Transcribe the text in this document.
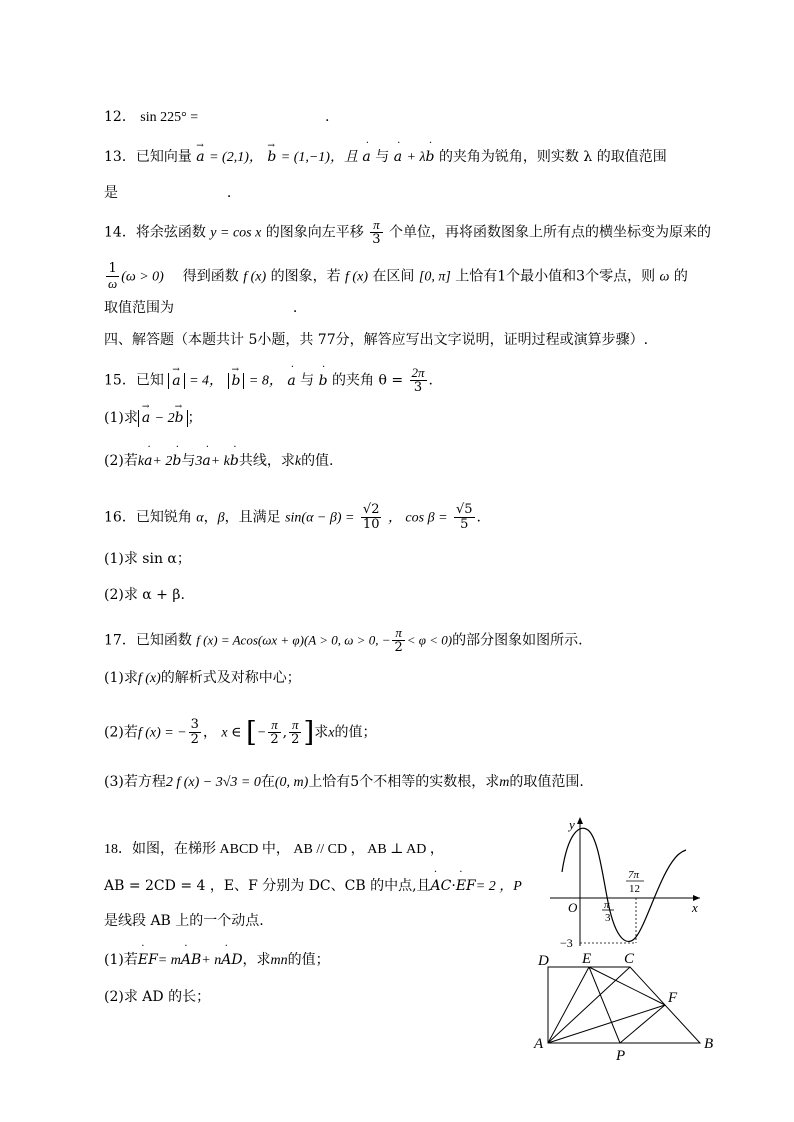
12． sin 225° =	.
13．已知向量 → a = (2,1)， → b = (1,−1)，且 ˙ a 与 ˙ a + λ˙ b 的夹角为锐角，则实数 λ 的取值范围
是	.
14．将余弦函数 y = cos x 的图象向左平移 $\frac{\pi}{3}$ 个单位，再将函数图象上所有点的横坐标变为原来的
$\frac{1}{\omega} (\omega > 0)$ 得到函数 f (x) 的图象，若 f (x) 在区间 [0, π] 上恰有1个最小值和3个零点，则 ω 的
取值范围为	.
四、解答题（本题共计 5小题，共 77分，解答应写出文字说明，证明过程或演算步骤）.
15．已知 → a = 4， → b = 8， ˙ a 与 ˙ b 的夹角 $\theta = \frac{2\pi}{3}$ .
(1)求 → a − 2→ b ；
(2)若k˙ a+ 2˙ b与3˙ a+ k˙ b共线，求k的值.
16．已知锐角 α，β，且满足 $\sin(\alpha - \beta) = \frac{√2}{10}$ ， $\cos \beta = \frac{√5}{5}$ .
(1)求 sin α；
(2)求 α + β.
17．已知函数 f (x) = Acos(ωx + φ)(A > 0, ω > 0, − $\frac{\pi}{2} < \varphi < 0$)的部分图象如图所示.
(1)求f (x)的解析式及对称中心；
(2)若f (x) = − $\frac{3}{2}$ ， x ∈ [− $\frac{\pi}{2}$ , $\frac{\pi}{2}$ ]求x的值；
(3)若方程2 f (x) − 3√3 = 0在(0, m)上恰有5个不相等的实数根，求m的取值范围.
18．如图，在梯形 ABCD 中， AB // CD ， AB ⊥ AD ，
AB = 2CD = 4 ，E、F 分别为 DC、CB 的中点,且˙ AC·˙ EF= 2 ，P
是线段 AB 上的一个动点.
(1)若˙ EF= m˙ AB+ n˙ AD，求mn的值；
(2)求 AD 的长；
y
x
O π
3
7π
12
−3
A	B
C
D E
F
P
